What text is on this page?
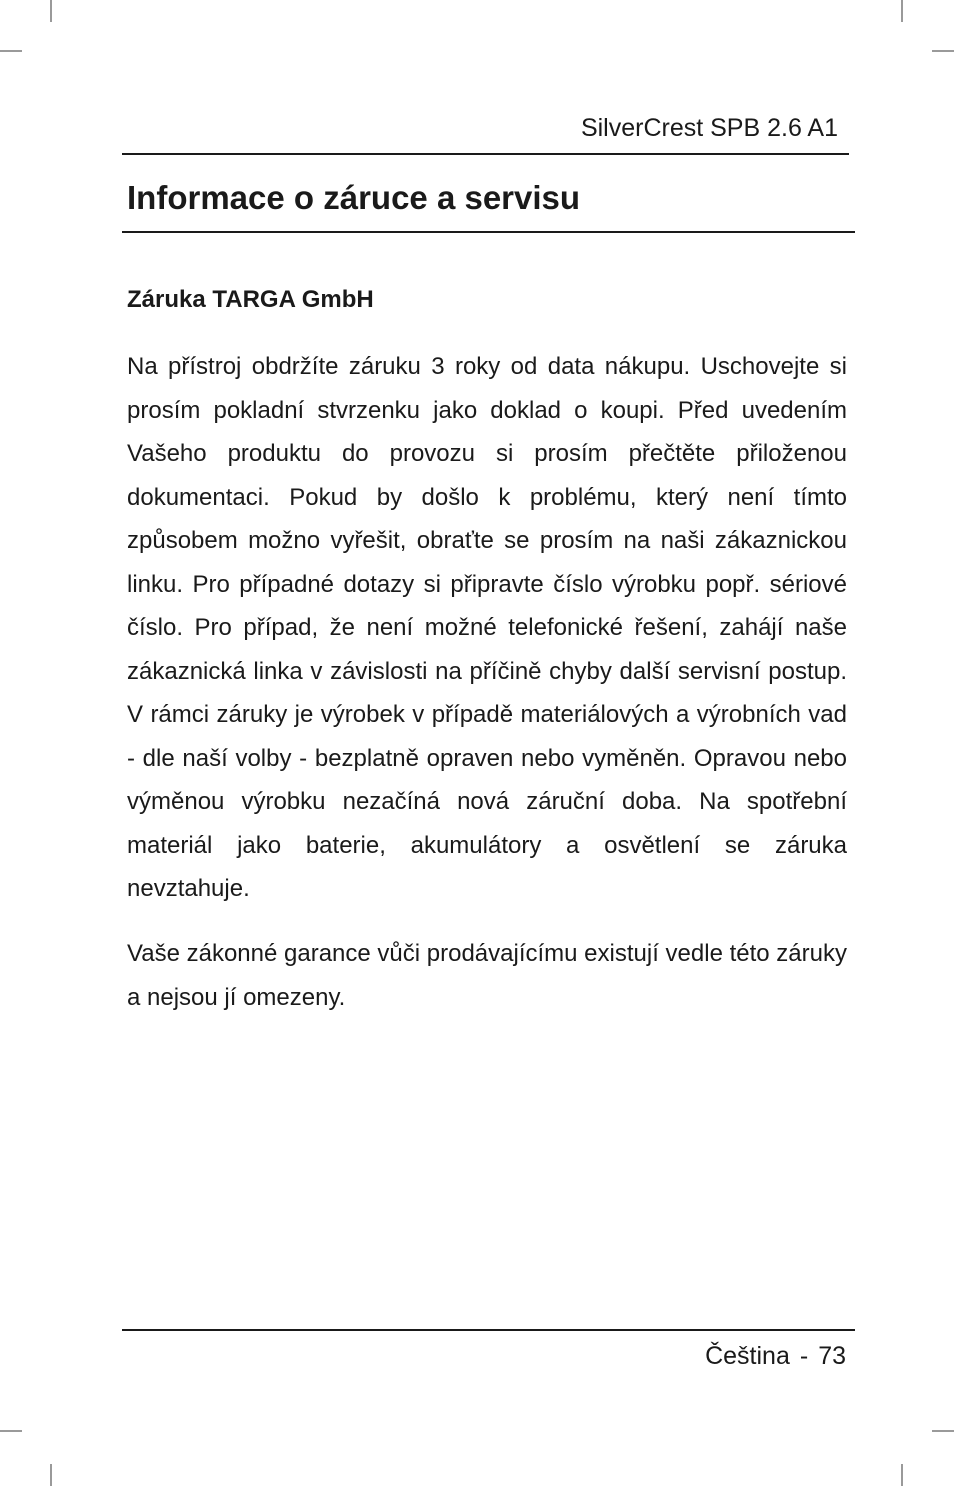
SilverCrest SPB 2.6 A1
Informace o záruce a servisu
Záruka TARGA GmbH

Na přístroj obdržíte záruku 3 roky od data nákupu. Uschovejte si prosím pokladní stvrzenku jako doklad o koupi. Před uvedením Vašeho produktu do provozu si prosím přečtěte přiloženou dokumentaci. Pokud by došlo k problému, který není tímto způsobem možno vyřešit, obraťte se prosím na naši zákaznickou linku. Pro případné dotazy si připravte číslo výrobku popř. sériové číslo. Pro případ, že není možné telefonické řešení, zahájí naše zákaznická linka v závislosti na příčině chyby další servisní postup. V rámci záruky je výrobek v případě materiálových a výrobních vad - dle naší volby - bezplatně opraven nebo vyměněn. Opravou nebo výměnou výrobku nezačíná nová záruční doba. Na spotřební materiál jako baterie, akumulátory a osvětlení se záruka nevztahuje.

Vaše zákonné garance vůči prodávajícímu existují vedle této záruky a nejsou jí omezeny.

Čeština - 73
